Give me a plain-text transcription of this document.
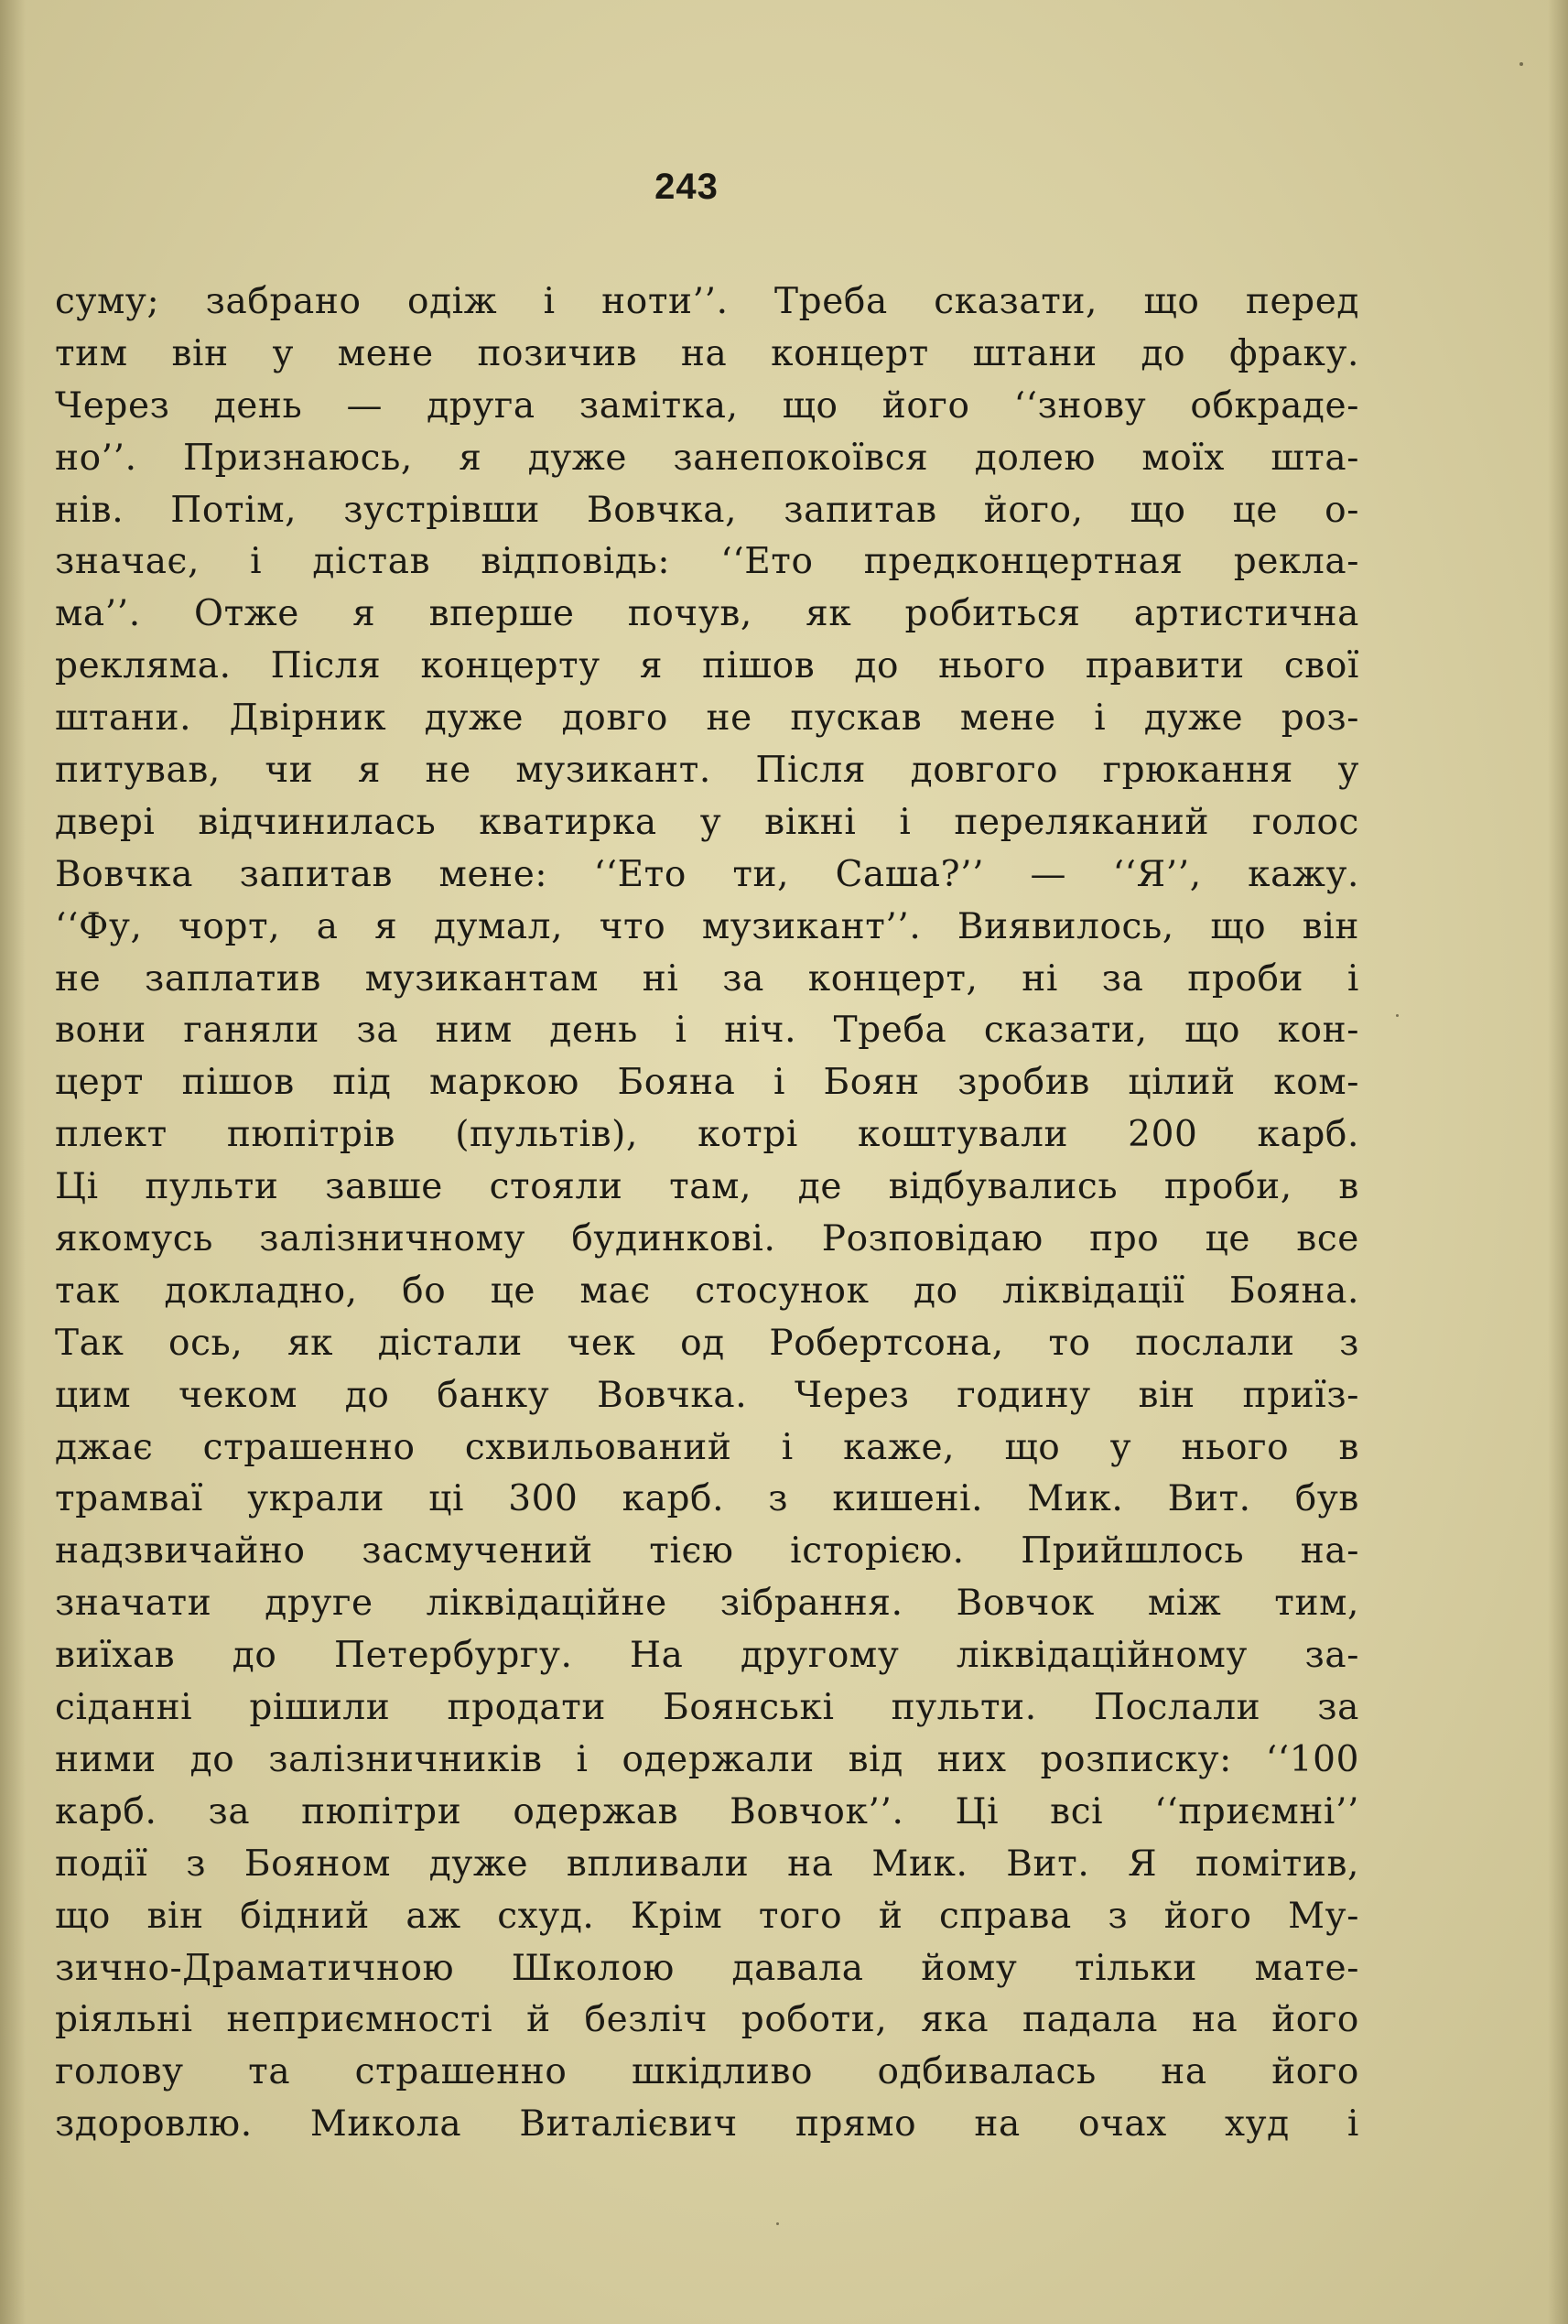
243
суму; забрано одіж і ноти’’. Треба сказати, що перед
тим він у мене позичив на концерт штани до фраку.
Через день — друга замітка, що його ‘‘знову обкраде-
но’’. Признаюсь, я дуже занепокоївся долею моїх шта-
нів. Потім, зустрівши Вовчка, запитав його, що це о-
значає, і дістав відповідь: ‘‘Ето предконцертная рекла-
ма’’. Отже я вперше почув, як робиться артистична
рекляма. Після концерту я пішов до нього правити свої
штани. Двірник дуже довго не пускав мене і дуже роз-
питував, чи я не музикант. Після довгого грюкання у
двері відчинилась кватирка у вікні і переляканий голос
Вовчка запитав мене: ‘‘Ето ти, Саша?’’ — ‘‘Я’’, кажу.
‘‘Фу, чорт, а я думал, что музикант’’. Виявилось, що він
не заплатив музикантам ні за концерт, ні за проби і
вони ганяли за ним день і ніч. Треба сказати, що кон-
церт пішов під маркою Бояна і Боян зробив цілий ком-
плект пюпітрів (пультів), котрі коштували 200 карб.
Ці пульти завше стояли там, де відбувались проби, в
якомусь залізничному будинкові. Розповідаю про це все
так докладно, бо це має стосунок до ліквідації Бояна.
Так ось, як дістали чек од Робертсона, то послали з
цим чеком до банку Вовчка. Через годину він приїз-
джає страшенно схвильований і каже, що у нього в
трамваї украли ці 300 карб. з кишені. Мик. Вит. був
надзвичайно засмучений тією історією. Прийшлось на-
значати друге ліквідаційне зібрання. Вовчок між тим,
виїхав до Петербургу. На другому ліквідаційному за-
сіданні рішили продати Боянські пульти. Послали за
ними до залізничників і одержали від них розписку: ‘‘100
карб. за пюпітри одержав Вовчок’’. Ці всі ‘‘приємні’’
події з Бояном дуже впливали на Мик. Вит. Я помітив,
що він бідний аж схуд. Крім того й справа з його Му-
зично-Драматичною Школою давала йому тільки мате-
ріяльні неприємності й безліч роботи, яка падала на його
голову та страшенно шкідливо одбивалась на його
здоровлю. Микола Виталієвич прямо на очах худ і
